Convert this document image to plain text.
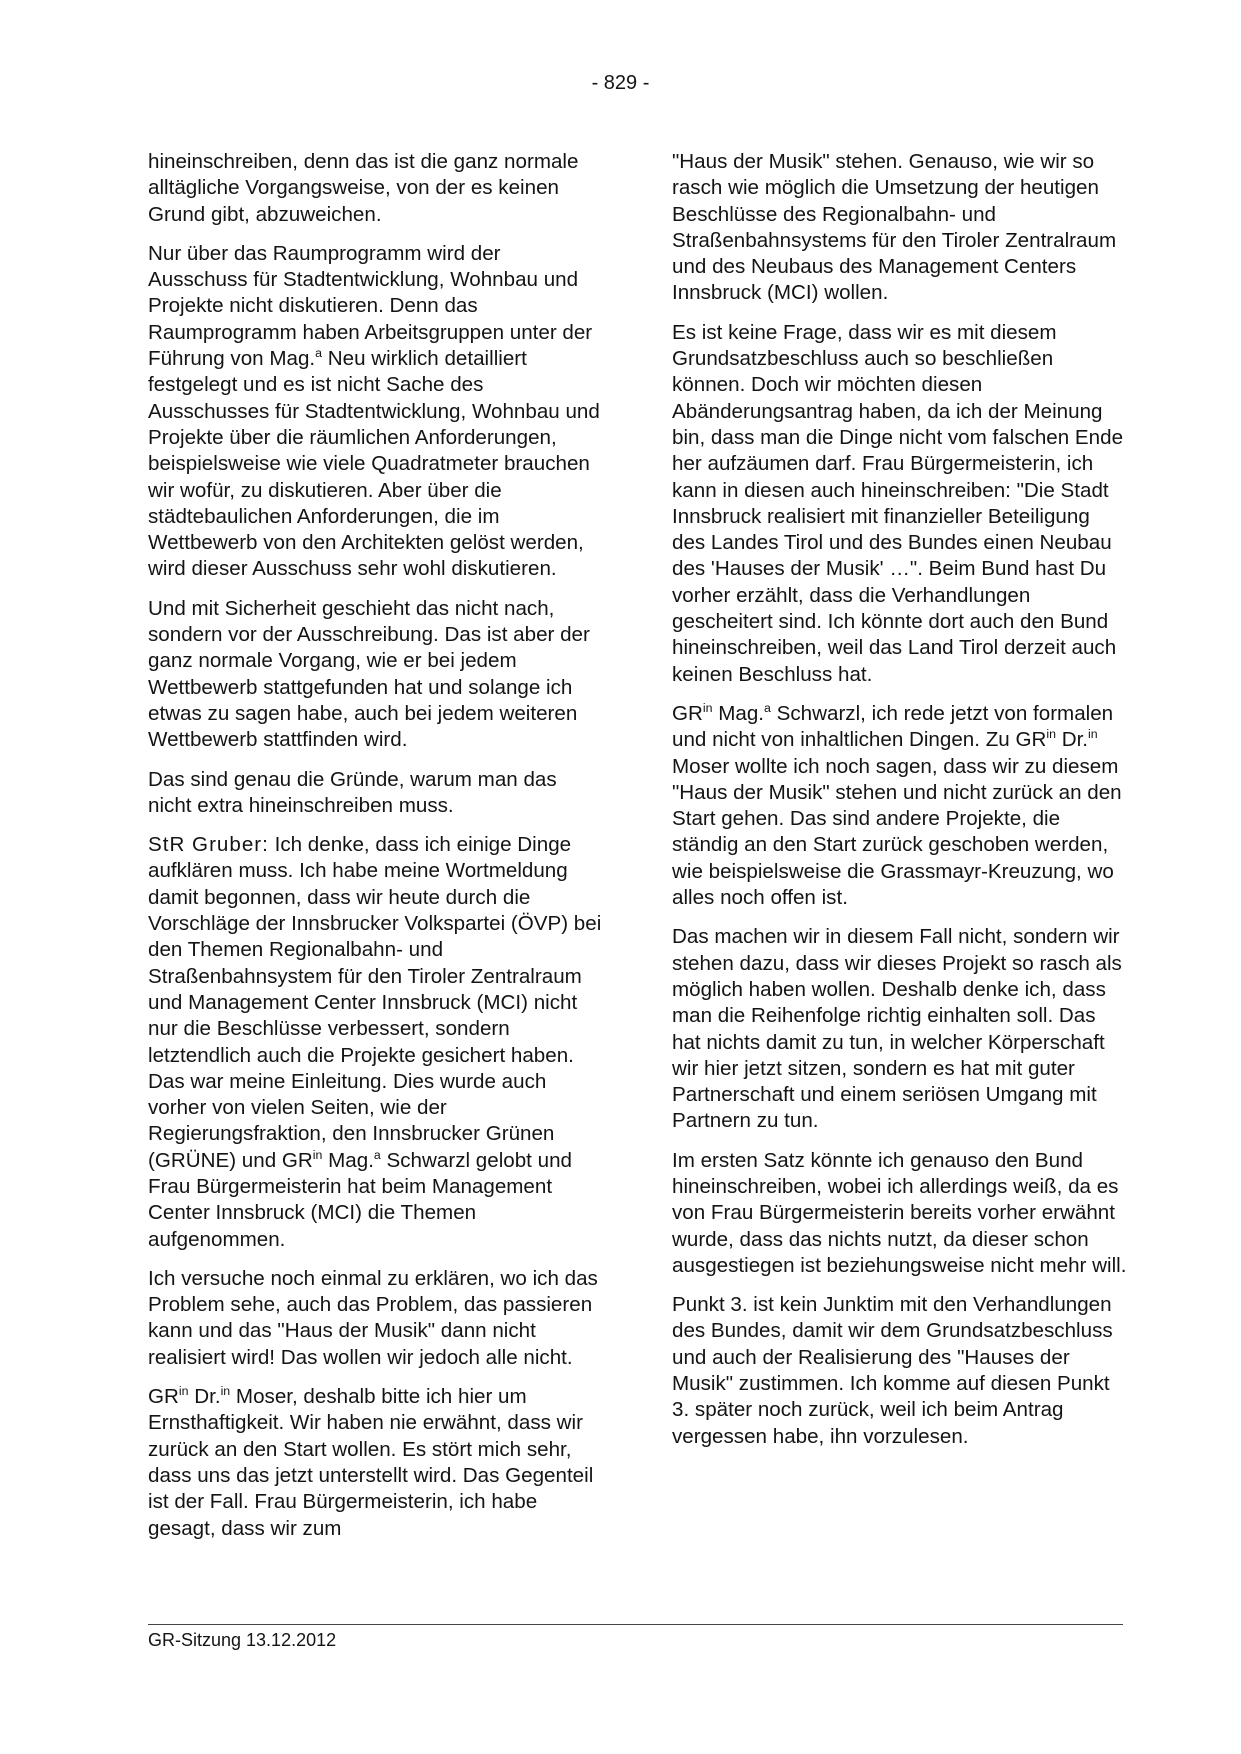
- 829 -

hineinschreiben, denn das ist die ganz normale alltägliche Vorgangsweise, von der es keinen Grund gibt, abzuweichen.

Nur über das Raumprogramm wird der Ausschuss für Stadtentwicklung, Wohnbau und Projekte nicht diskutieren. Denn das Raumprogramm haben Arbeitsgruppen unter der Führung von Mag.$^a$ Neu wirklich detailliert festgelegt und es ist nicht Sache des Ausschusses für Stadtentwicklung, Wohnbau und Projekte über die räumlichen Anforderungen, beispielsweise wie viele Quadratmeter brauchen wir wofür, zu diskutieren. Aber über die städtebaulichen Anforderungen, die im Wettbewerb von den Architekten gelöst werden, wird dieser Ausschuss sehr wohl diskutieren.

Und mit Sicherheit geschieht das nicht nach, sondern vor der Ausschreibung. Das ist aber der ganz normale Vorgang, wie er bei jedem Wettbewerb stattgefunden hat und solange ich etwas zu sagen habe, auch bei jedem weiteren Wettbewerb stattfinden wird.

Das sind genau die Gründe, warum man das nicht extra hineinschreiben muss.

StR Gruber: Ich denke, dass ich einige Dinge aufklären muss. Ich habe meine Wortmeldung damit begonnen, dass wir heute durch die Vorschläge der Innsbrucker Volkspartei (ÖVP) bei den Themen Regionalbahn- und Straßenbahnsystem für den Tiroler Zentralraum und Management Center Innsbruck (MCI) nicht nur die Beschlüsse verbessert, sondern letztendlich auch die Projekte gesichert haben. Das war meine Einleitung. Dies wurde auch vorher von vielen Seiten, wie der Regierungsfraktion, den Innsbrucker Grünen (GRÜNE) und $GR^{in}$ Mag.$^a$ Schwarzl gelobt und Frau Bürgermeisterin hat beim Management Center Innsbruck (MCI) die Themen aufgenommen.

Ich versuche noch einmal zu erklären, wo ich das Problem sehe, auch das Problem, das passieren kann und das "Haus der Musik" dann nicht realisiert wird! Das wollen wir jedoch alle nicht.

$GR^{in}$ Dr.$^{in}$ Moser, deshalb bitte ich hier um Ernsthaftigkeit. Wir haben nie erwähnt, dass wir zurück an den Start wollen. Es stört mich sehr, dass uns das jetzt unterstellt wird. Das Gegenteil ist der Fall. Frau Bürgermeisterin, ich habe gesagt, dass wir zum

"Haus der Musik" stehen. Genauso, wie wir so rasch wie möglich die Umsetzung der heutigen Beschlüsse des Regionalbahn- und Straßenbahnsystems für den Tiroler Zentralraum und des Neubaus des Management Centers Innsbruck (MCI) wollen.

Es ist keine Frage, dass wir es mit diesem Grundsatzbeschluss auch so beschließen können. Doch wir möchten diesen Abänderungsantrag haben, da ich der Meinung bin, dass man die Dinge nicht vom falschen Ende her aufzäumen darf. Frau Bürgermeisterin, ich kann in diesen auch hineinschreiben: "Die Stadt Innsbruck realisiert mit finanzieller Beteiligung des Landes Tirol und des Bundes einen Neubau des 'Hauses der Musik' …". Beim Bund hast Du vorher erzählt, dass die Verhandlungen gescheitert sind. Ich könnte dort auch den Bund hineinschreiben, weil das Land Tirol derzeit auch keinen Beschluss hat.

$GR^{in}$ Mag.$^a$ Schwarzl, ich rede jetzt von formalen und nicht von inhaltlichen Dingen. Zu $GR^{in}$ Dr.$^{in}$ Moser wollte ich noch sagen, dass wir zu diesem "Haus der Musik" stehen und nicht zurück an den Start gehen. Das sind andere Projekte, die ständig an den Start zurück geschoben werden, wie beispielsweise die Grassmayr-Kreuzung, wo alles noch offen ist.

Das machen wir in diesem Fall nicht, sondern wir stehen dazu, dass wir dieses Projekt so rasch als möglich haben wollen. Deshalb denke ich, dass man die Reihenfolge richtig einhalten soll. Das hat nichts damit zu tun, in welcher Körperschaft wir hier jetzt sitzen, sondern es hat mit guter Partnerschaft und einem seriösen Umgang mit Partnern zu tun.

Im ersten Satz könnte ich genauso den Bund hineinschreiben, wobei ich allerdings weiß, da es von Frau Bürgermeisterin bereits vorher erwähnt wurde, dass das nichts nutzt, da dieser schon ausgestiegen ist beziehungsweise nicht mehr will.

Punkt 3. ist kein Junktim mit den Verhandlungen des Bundes, damit wir dem Grundsatzbeschluss und auch der Realisierung des "Hauses der Musik" zustimmen. Ich komme auf diesen Punkt 3. später noch zurück, weil ich beim Antrag vergessen habe, ihn vorzulesen.

GR-Sitzung 13.12.2012
